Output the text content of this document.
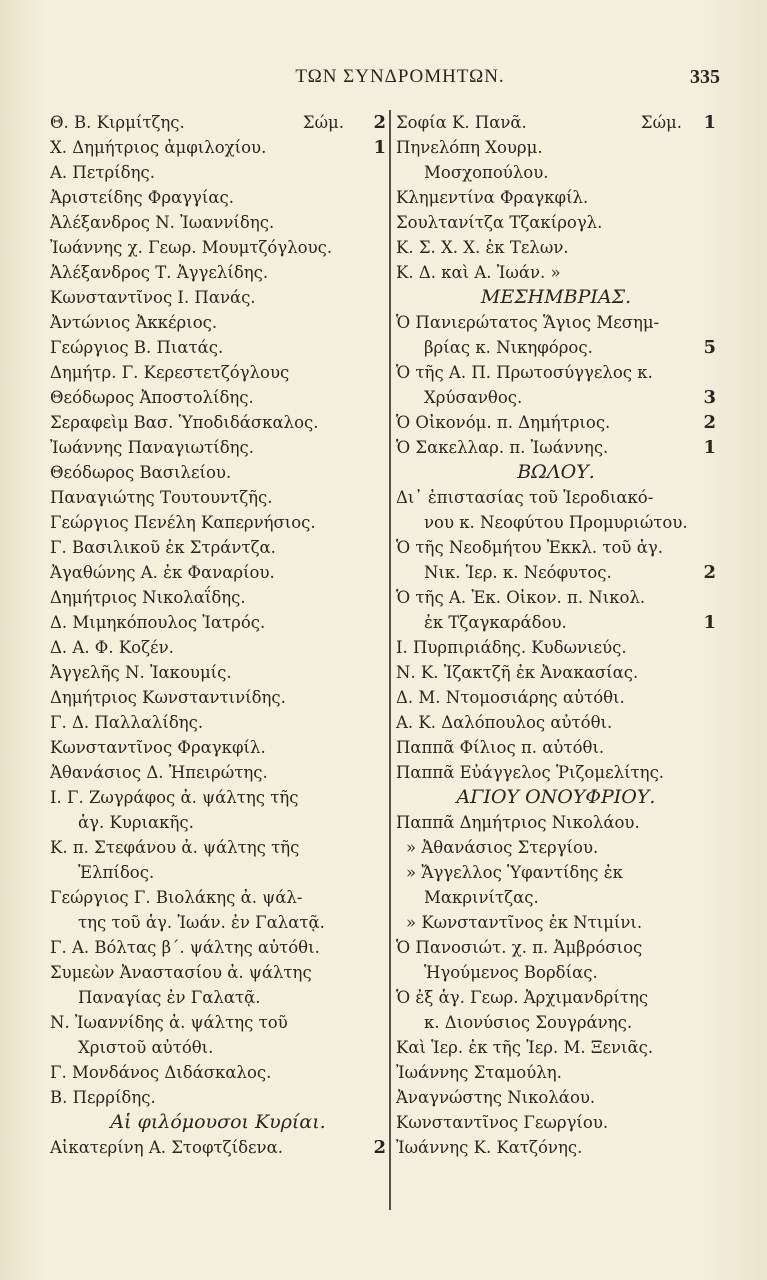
ΤΩΝ ΣΥΝΔΡΟΜΗΤΩΝ.	335
Θ. Β. Κιρμίτζης.	Σώμ. 2
Χ. Δημήτριος ἀμφιλοχίου.	1
Α. Πετρίδης.
Ἀριστείδης Φραγγίας.
Ἀλέξανδρος Ν. Ἰωαννίδης.
Ἰωάννης χ. Γεωρ. Μουμτζόγλους.
Ἀλέξανδρος Τ. Ἀγγελίδης.
Κωνσταντῖνος Ι. Πανάς.
Ἀντώνιος Ἀκκέριος.
Γεώργιος Β. Πιατάς.
Δημήτρ. Γ. Κερεστετζόγλους
Θεόδωρος Ἀποστολίδης.
Σεραφεὶμ Βασ. Ὑποδιδάσκαλος.
Ἰωάννης Παναγιωτίδης.
Θεόδωρος Βασιλείου.
Παναγιώτης Τουτουντζῆς.
Γεώργιος Πενέλη Καπερνήσιος.
Γ. Βασιλικοῦ ἐκ Στράντζα.
Ἀγαθώνης Α. ἐκ Φαναρίου.
Δημήτριος Νικολαΐδης.
Δ. Μιμηκόπουλος Ἰατρός.
Δ. Α. Φ. Κοζέν.
Ἀγγελῆς Ν. Ἰακουμίς.
Δημήτριος Κωνσταντινίδης.
Γ. Δ. Παλλαλίδης.
Κωνσταντῖνος Φραγκφίλ.
Ἀθανάσιος Δ. Ἠπειρώτης.
Ι. Γ. Ζωγράφος ἀ. ψάλτης τῆς
ἁγ. Κυριακῆς.
Κ. π. Στεφάνου ἀ. ψάλτης τῆς
Ἐλπίδος.
Γεώργιος Γ. Βιολάκης ἀ. ψάλ-
της τοῦ ἁγ. Ἰωάν. ἐν Γαλατᾷ.
Γ. Α. Βόλτας β΄. ψάλτης αὐτόθι.
Συμεὼν Ἀναστασίου ἀ. ψάλτης
Παναγίας ἐν Γαλατᾷ.
Ν. Ἰωαννίδης ἀ. ψάλτης τοῦ
Χριστοῦ αὐτόθι.
Γ. Μονδάνος Διδάσκαλος.
Β. Περρίδης.
Αἱ φιλόμουσοι Κυρίαι.
Αἰκατερίνη Α. Στοφτζίδενα.	2
Σοφία Κ. Πανᾶ.	Σώμ. 1
Πηνελόπη Χουρμ.
Μοσχοπούλου.
Κλημεντίνα Φραγκφίλ.
Σουλτανίτζα Τζακίρογλ.
Κ. Σ. Χ. Χ. ἐκ Τελων.
Κ. Δ. καὶ Α. Ἰωάν. »
ΜΕΣΗΜΒΡΙΑΣ.
Ὁ Πανιερώτατος Ἅγιος Μεσημ-
βρίας κ. Νικηφόρος.	5
Ὁ τῆς Α. Π. Πρωτοσύγγελος κ.
Χρύσανθος.	3
Ὁ Οἰκονόμ. π. Δημήτριος.	2
Ὁ Σακελλαρ. π. Ἰωάννης.	1
ΒΩΛΟΥ.
Δι᾽ ἐπιστασίας τοῦ Ἱεροδιακό-
νου κ. Νεοφύτου Προμυριώτου.
Ὁ τῆς Νεοδμήτου Ἐκκλ. τοῦ ἁγ.
Νικ. Ἱερ. κ. Νεόφυτος.	2
Ὁ τῆς Α. Ἐκ. Οἰκον. π. Νικολ.
ἐκ Τζαγκαράδου.	1
Ι. Πυρπιριάδης. Κυδωνιεύς.
Ν. Κ. Ἰζακτζῆ ἐκ Ἀνακασίας.
Δ. Μ. Ντομοσιάρης αὐτόθι.
Α. Κ. Δαλόπουλος αὐτόθι.
Παππᾶ Φίλιος π. αὐτόθι.
Παππᾶ Εὐάγγελος Ῥιζομελίτης.
ΑΓΙΟΥ ΟΝΟΥΦΡΙΟΥ.
Παππᾶ Δημήτριος Νικολάου.
» Ἀθανάσιος Στεργίου.
» Ἄγγελλος Ὑφαντίδης ἐκ
Μακρινίτζας.
» Κωνσταντῖνος ἐκ Ντιμίνι.
Ὁ Πανοσιώτ. χ. π. Ἀμβρόσιος
Ἡγούμενος Βορδίας.
Ὁ ἐξ ἁγ. Γεωρ. Ἀρχιμανδρίτης
κ. Διονύσιος Σουγράνης.
Καὶ Ἱερ. ἐκ τῆς Ἱερ. Μ. Ξενιᾶς.
Ἰωάννης Σταμούλη.
Ἀναγνώστης Νικολάου.
Κωνσταντῖνος Γεωργίου.
Ἰωάννης Κ. Κατζόνης.
